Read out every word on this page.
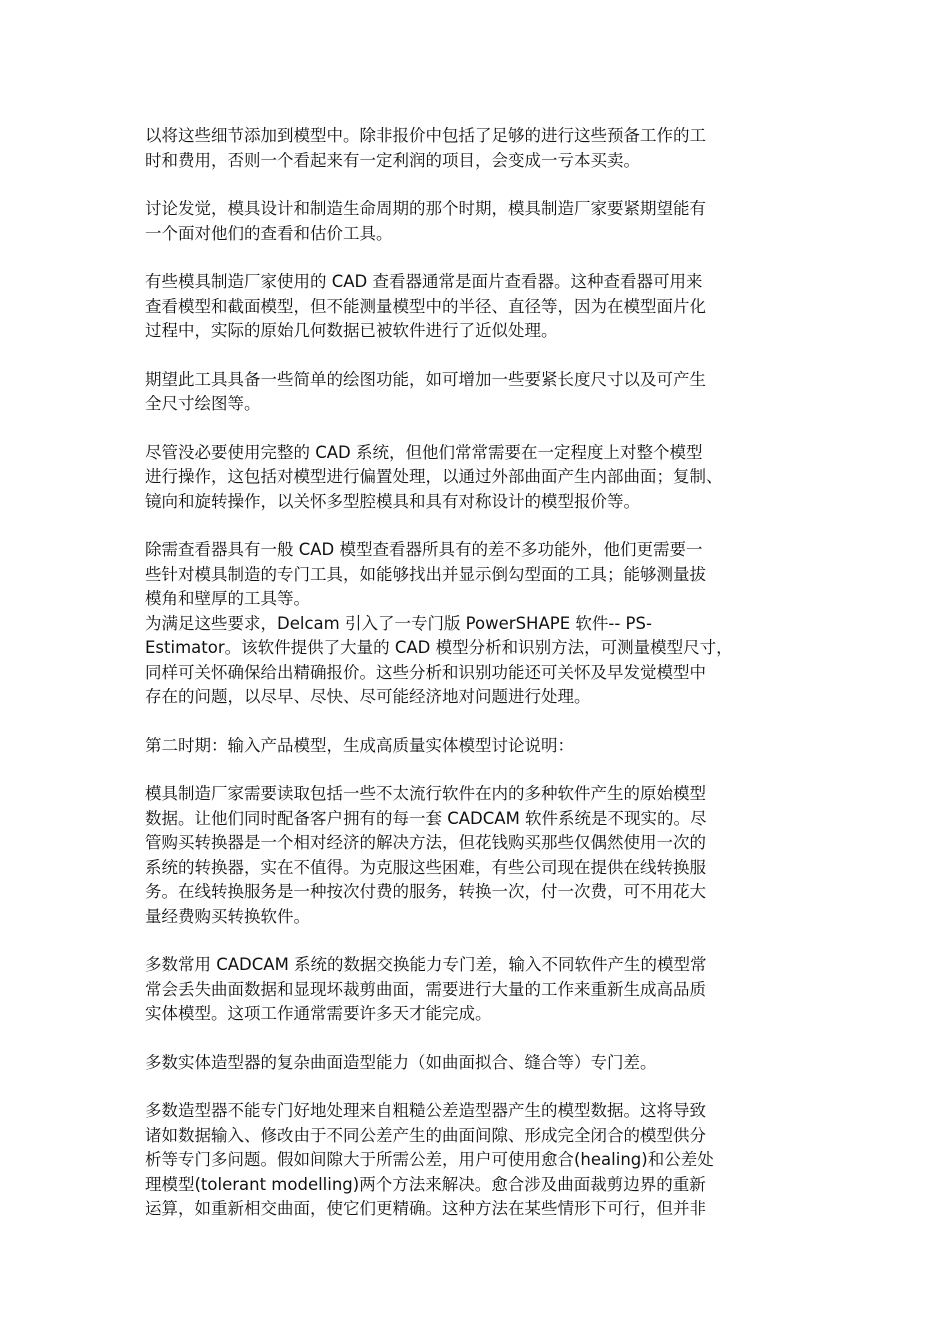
以将这些细节添加到模型中。除非报价中包括了足够的进行这些预备工作的工
时和费用，否则一个看起来有一定利润的项目，会变成一亏本买卖。

讨论发觉，模具设计和制造生命周期的那个时期，模具制造厂家要紧期望能有
一个面对他们的查看和估价工具。

有些模具制造厂家使用的 CAD 查看器通常是面片查看器。这种查看器可用来
查看模型和截面模型，但不能测量模型中的半径、直径等，因为在模型面片化
过程中，实际的原始几何数据已被软件进行了近似处理。

期望此工具具备一些简单的绘图功能，如可增加一些要紧长度尺寸以及可产生
全尺寸绘图等。

尽管没必要使用完整的 CAD 系统，但他们常常需要在一定程度上对整个模型
进行操作，这包括对模型进行偏置处理，以通过外部曲面产生内部曲面；复制、
镜向和旋转操作，以关怀多型腔模具和具有对称设计的模型报价等。

除需查看器具有一般 CAD 模型查看器所具有的差不多功能外，他们更需要一
些针对模具制造的专门工具，如能够找出并显示倒勾型面的工具；能够测量拔
模角和壁厚的工具等。

为满足这些要求，Delcam 引入了一专门版 PowerSHAPE 软件-- PS-
Estimator。该软件提供了大量的 CAD 模型分析和识别方法，可测量模型尺寸，
同样可关怀确保给出精确报价。这些分析和识别功能还可关怀及早发觉模型中
存在的问题，以尽早、尽快、尽可能经济地对问题进行处理。

第二时期：输入产品模型，生成高质量实体模型讨论说明：

模具制造厂家需要读取包括一些不太流行软件在内的多种软件产生的原始模型
数据。让他们同时配备客户拥有的每一套 CADCAM 软件系统是不现实的。尽
管购买转换器是一个相对经济的解决方法，但花钱购买那些仅偶然使用一次的
系统的转换器，实在不值得。为克服这些困难，有些公司现在提供在线转换服
务。在线转换服务是一种按次付费的服务，转换一次，付一次费，可不用花大
量经费购买转换软件。

多数常用 CADCAM 系统的数据交换能力专门差，输入不同软件产生的模型常
常会丢失曲面数据和显现坏裁剪曲面，需要进行大量的工作来重新生成高品质
实体模型。这项工作通常需要许多天才能完成。

多数实体造型器的复杂曲面造型能力（如曲面拟合、缝合等）专门差。

多数造型器不能专门好地处理来自粗糙公差造型器产生的模型数据。这将导致
诸如数据输入、修改由于不同公差产生的曲面间隙、形成完全闭合的模型供分
析等专门多问题。假如间隙大于所需公差，用户可使用愈合(healing)和公差处
理模型(tolerant modelling)两个方法来解决。愈合涉及曲面裁剪边界的重新
运算，如重新相交曲面，使它们更精确。这种方法在某些情形下可行，但并非
